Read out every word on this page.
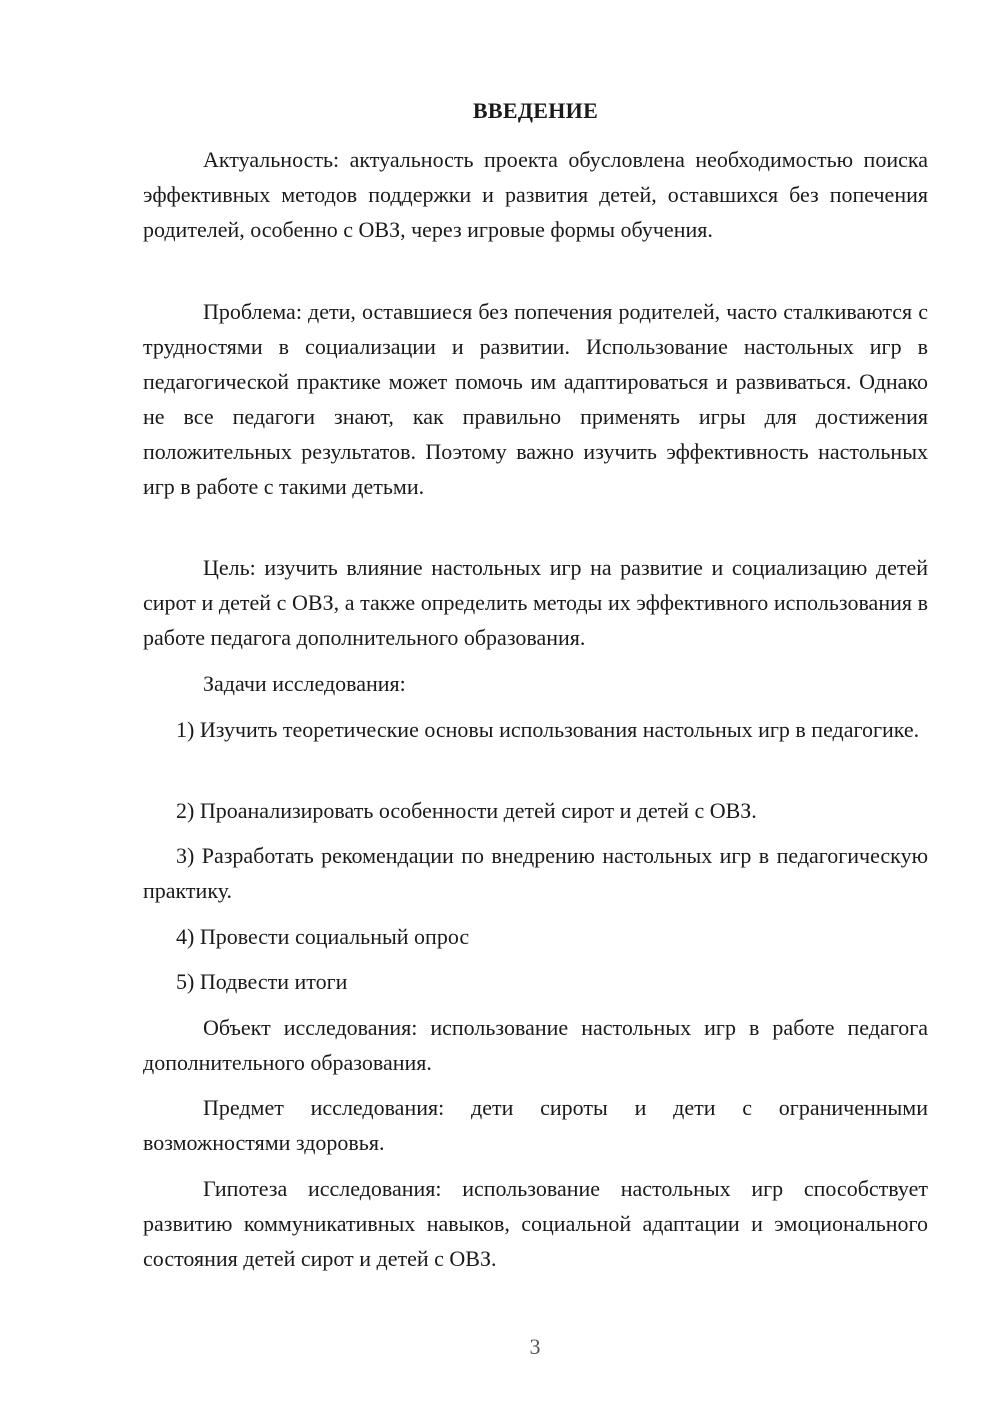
ВВЕДЕНИЕ

Актуальность: актуальность проекта обусловлена необходимостью поиска эффективных методов поддержки и развития детей, оставшихся без попечения родителей, особенно с ОВЗ, через игровые формы обучения.

Проблема: дети, оставшиеся без попечения родителей, часто сталкиваются с трудностями в социализации и развитии. Использование настольных игр в педагогической практике может помочь им адаптироваться и развиваться. Однако не все педагоги знают, как правильно применять игры для достижения положительных результатов. Поэтому важно изучить эффективность настольных игр в работе с такими детьми.

Цель: изучить влияние настольных игр на развитие и социализацию детей сирот и детей с ОВЗ, а также определить методы их эффективного использования в работе педагога дополнительного образования.

Задачи исследования:

1) Изучить теоретические основы использования настольных игр в педагогике.

2) Проанализировать особенности детей сирот и детей с ОВЗ.

3) Разработать рекомендации по внедрению настольных игр в педагогическую практику.

4) Провести социальный опрос

5) Подвести итоги

Объект исследования: использование настольных игр в работе педагога дополнительного образования.

Предмет исследования: дети сироты и дети с ограниченными возможностями здоровья.

Гипотеза исследования: использование настольных игр способствует развитию коммуникативных навыков, социальной адаптации и эмоционального состояния детей сирот и детей с ОВЗ.

3
